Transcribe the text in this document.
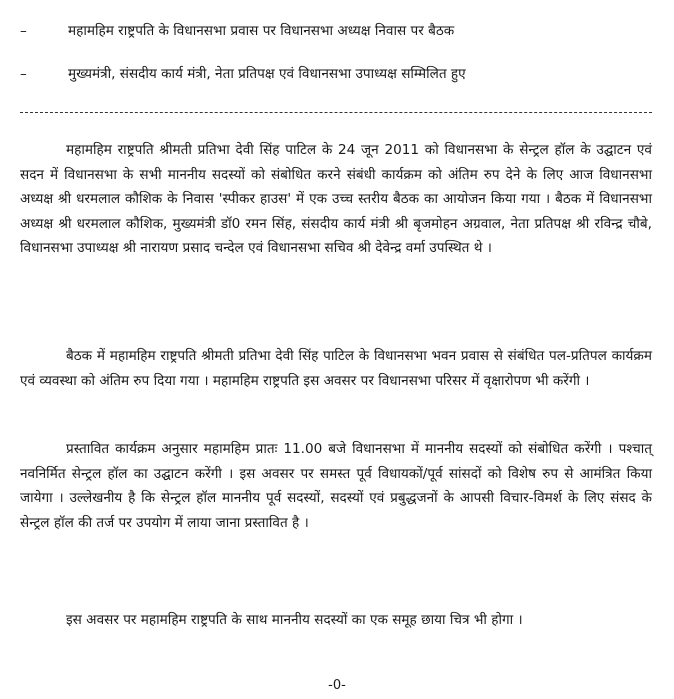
–	महामहिम राष्ट्रपति के विधानसभा प्रवास पर विधानसभा अध्यक्ष निवास पर बैठक
–	मुख्यमंत्री, संसदीय कार्य मंत्री, नेता प्रतिपक्ष एवं विधानसभा उपाध्यक्ष सम्मिलित हुए

महामहिम राष्ट्रपति श्रीमती प्रतिभा देवी सिंह पाटिल के 24 जून 2011 को विधानसभा के सेन्ट्रल हॉल के उद्घाटन एवं सदन में विधानसभा के सभी माननीय सदस्यों को संबोधित करने संबंधी कार्यक्रम को अंतिम रुप देने के लिए आज विधानसभा अध्यक्ष श्री धरमलाल कौशिक के निवास 'स्पीकर हाउस' में एक उच्च स्तरीय बैठक का आयोजन किया गया । बैठक में विधानसभा अध्यक्ष श्री धरमलाल कौशिक, मुख्यमंत्री डॉ0 रमन सिंह, संसदीय कार्य मंत्री श्री बृजमोहन अग्रवाल, नेता प्रतिपक्ष श्री रविन्द्र चौबे, विधानसभा उपाध्यक्ष श्री नारायण प्रसाद चन्देल एवं विधानसभा सचिव श्री देवेन्द्र वर्मा उपस्थित थे ।

बैठक में महामहिम राष्ट्रपति श्रीमती प्रतिभा देवी सिंह पाटिल के विधानसभा भवन प्रवास से संबंधित पल-प्रतिपल कार्यक्रम एवं व्यवस्था को अंतिम रुप दिया गया । महामहिम राष्ट्रपति इस अवसर पर विधानसभा परिसर में वृक्षारोपण भी करेंगी ।

प्रस्तावित कार्यक्रम अनुसार महामहिम प्रातः 11.00 बजे विधानसभा में माननीय सदस्यों को संबोधित करेंगी । पश्चात् नवनिर्मित सेन्ट्रल हॉल का उद्घाटन करेंगी । इस अवसर पर समस्त पूर्व विधायकों/पूर्व सांसदों को विशेष रुप से आमंत्रित किया जायेगा । उल्लेखनीय है कि सेन्ट्रल हॉल माननीय पूर्व सदस्यों, सदस्यों एवं प्रबुद्धजनों के आपसी विचार-विमर्श के लिए संसद के सेन्ट्रल हॉल की तर्ज पर उपयोग में लाया जाना प्रस्तावित है ।

इस अवसर पर महामहिम राष्ट्रपति के साथ माननीय सदस्यों का एक समूह छाया चित्र भी होगा ।

-0-
